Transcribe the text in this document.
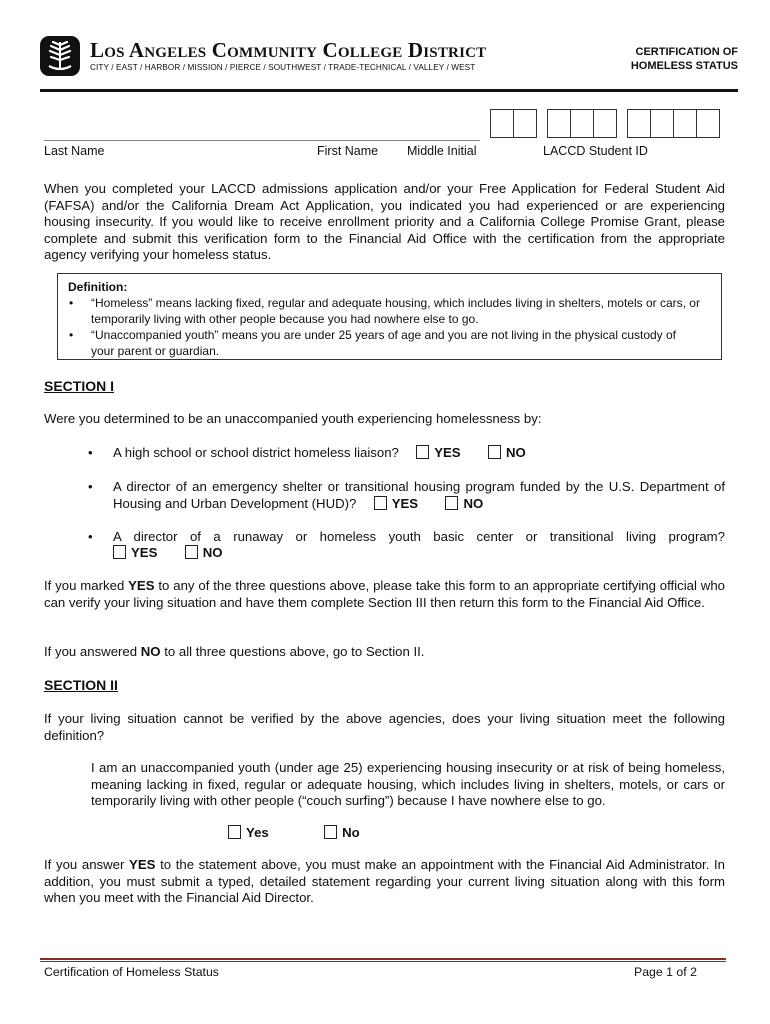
Los Angeles Community College District
CITY / EAST / HARBOR / MISSION / PIERCE / SOUTHWEST / TRADE-TECHNICAL / VALLEY / WEST
CERTIFICATION OF
HOMELESS STATUS
Last Name	First Name Middle Initial	LACCD Student ID
When you completed your LACCD admissions application and/or your Free Application for Federal Student Aid (FAFSA) and/or the California Dream Act Application, you indicated you had experienced or are experiencing housing insecurity. If you would like to receive enrollment priority and a California College Promise Grant, please complete and submit this verification form to the Financial Aid Office with the certification from the appropriate agency verifying your homeless status.
Definition:
• “Homeless” means lacking fixed, regular and adequate housing, which includes living in shelters, motels or cars, or temporarily living with other people because you had nowhere else to go.
• “Unaccompanied youth” means you are under 25 years of age and you are not living in the physical custody of your parent or guardian.
SECTION I
Were you determined to be an unaccompanied youth experiencing homelessness by:
• A high school or school district homeless liaison?	YES	NO
• A director of an emergency shelter or transitional housing program funded by the U.S. Department of Housing and Urban Development (HUD)?	YES	NO
• A director of a runaway or homeless youth basic center or transitional living program?
YES	NO
If you marked YES to any of the three questions above, please take this form to an appropriate certifying official who can verify your living situation and have them complete Section III then return this form to the Financial Aid Office.
If you answered NO to all three questions above, go to Section II.
SECTION II
If your living situation cannot be verified by the above agencies, does your living situation meet the following definition?
I am an unaccompanied youth (under age 25) experiencing housing insecurity or at risk of being homeless, meaning lacking in fixed, regular or adequate housing, which includes living in shelters, motels, or cars or temporarily living with other people (“couch surfing”) because I have nowhere else to go.
Yes	No
If you answer YES to the statement above, you must make an appointment with the Financial Aid Administrator. In addition, you must submit a typed, detailed statement regarding your current living situation along with this form when you meet with the Financial Aid Director.
Certification of Homeless Status	Page 1 of 2
